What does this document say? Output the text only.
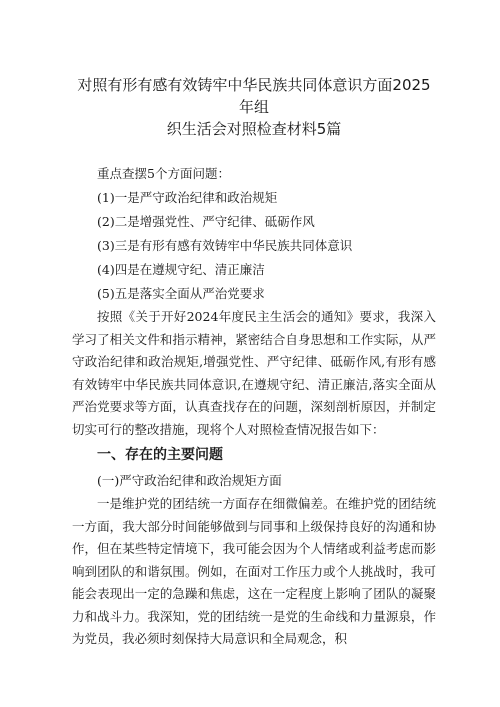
对照有形有感有效铸牢中华民族共同体意识方面2025年组
织生活会对照检查材料5篇

重点查摆5个方面问题：

(1) 一是严守政治纪律和政治规矩

(2) 二是增强党性、严守纪律、砥砺作风

(3) 三是有形有感有效铸牢中华民族共同体意识

(4) 四是在遵规守纪、清正廉洁

(5) 五是落实全面从严治党要求

按照《关于开好2024年度民主生活会的通知》要求，我深入学习了相关文件和指示精神，紧密结合自身思想和工作实际，从严守政治纪律和政治规矩,增强党性、严守纪律、砥砺作风,有形有感有效铸牢中华民族共同体意识,在遵规守纪、清正廉洁,落实全面从严治党要求等方面，认真查找存在的问题，深刻剖析原因，并制定切实可行的整改措施，现将个人对照检查情况报告如下：

一、存在的主要问题

(一)严守政治纪律和政治规矩方面

一是维护党的团结统一方面存在细微偏差。在维护党的团结统一方面，我大部分时间能够做到与同事和上级保持良好的沟通和协作，但在某些特定情境下，我可能会因为个人情绪或利益考虑而影响到团队的和谐氛围。例如，在面对工作压力或个人挑战时，我可能会表现出一定的急躁和焦虑，这在一定程度上影响了团队的凝聚力和战斗力。我深知，党的团结统一是党的生命线和力量源泉，作为党员，我必须时刻保持大局意识和全局观念，积
